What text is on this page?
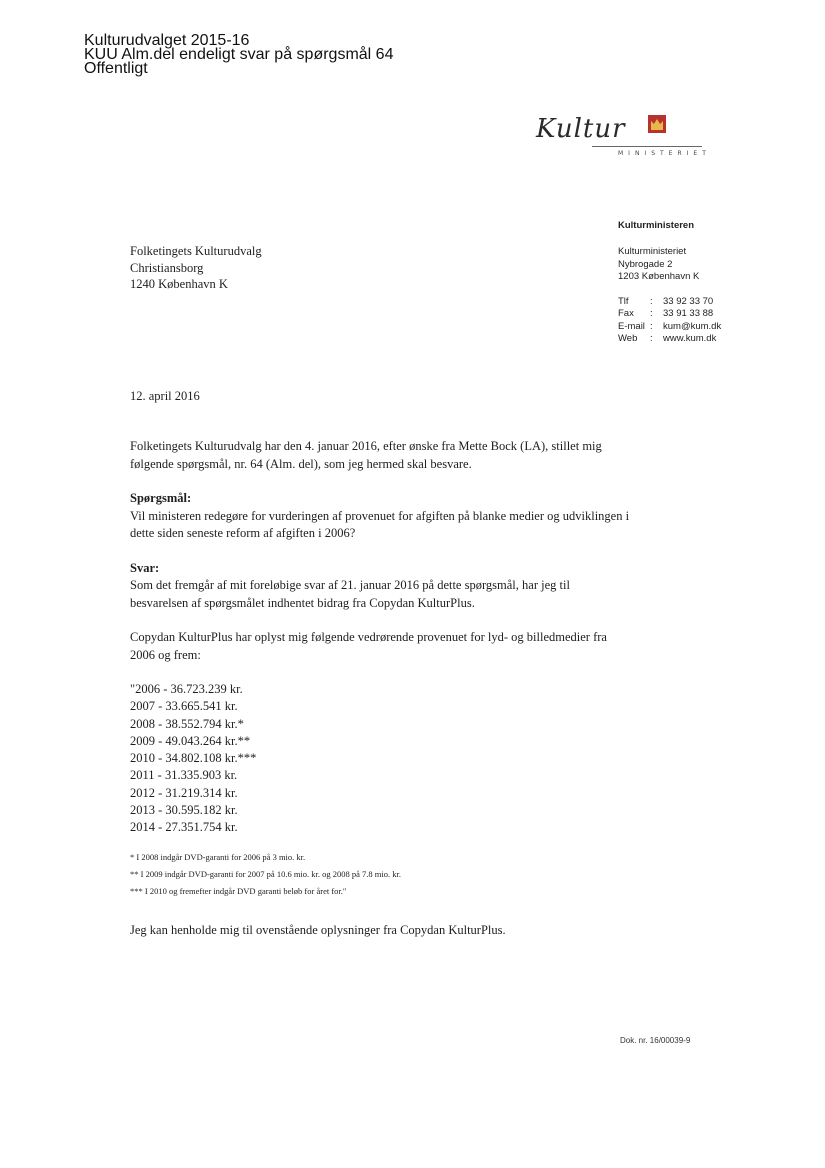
Kulturudvalget 2015-16
KUU Alm.del endeligt svar på spørgsmål 64
Offentligt
Kultur
MINISTERIET
Kulturministeren
Kulturministeriet
Nybrogade 2
1203 København K
Tlf	:	33 92 33 70
Fax	:	33 91 33 88
E-mail	:	kum@kum.dk
Web	:	www.kum.dk
Folketingets Kulturudvalg
Christiansborg
1240 København K
12. april 2016

Folketingets Kulturudvalg har den 4. januar 2016, efter ønske fra Mette Bock (LA), stillet mig følgende spørgsmål, nr. 64 (Alm. del), som jeg hermed skal besvare.

Spørgsmål:
Vil ministeren redegøre for vurderingen af provenuet for afgiften på blanke medier og udviklingen i dette siden seneste reform af afgiften i 2006?
Svar:
Som det fremgår af mit foreløbige svar af 21. januar 2016 på dette spørgsmål, har jeg til besvarelsen af spørgsmålet indhentet bidrag fra Copydan KulturPlus.

Copydan KulturPlus har oplyst mig følgende vedrørende provenuet for lyd- og billedmedier fra 2006 og frem:

"2006 - 36.723.239 kr.
2007 - 33.665.541 kr.
2008 - 38.552.794 kr.*
2009 - 49.043.264 kr.**
2010 - 34.802.108 kr.***
2011 - 31.335.903 kr.
2012 - 31.219.314 kr.
2013 - 30.595.182 kr.
2014 - 27.351.754 kr.
* I 2008 indgår DVD-garanti for 2006 på 3 mio. kr.
** I 2009 indgår DVD-garanti for 2007 på 10.6 mio. kr. og 2008 på 7.8 mio. kr.
*** I 2010 og fremefter indgår DVD garanti beløb for året for."

Jeg kan henholde mig til ovenstående oplysninger fra Copydan KulturPlus.

Dok. nr. 16/00039-9
